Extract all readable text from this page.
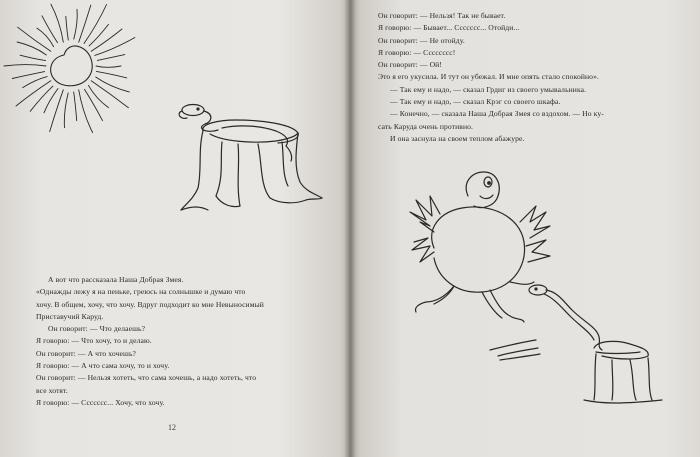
А вот что рассказала Наша Добрая Змея.

«Однажды лежу я на пеньке, греюсь на солнышке и думаю что

хочу. В общем, хочу, что хочу. Вдруг подходит ко мне Невыносимый

Приставучий Каруд.

Он говорит: — Что делаешь?

Я говорю: — Что хочу, то и делаю.

Он говорит: — А что хочешь?

Я говорю: — А что сама хочу, то и хочу.

Он говорит: — Нельзя хотеть, что сама хочешь, а надо хотеть, что

все хотят.

Я говорю: — Ссссссс... Хочу, что хочу.

12

Он говорит: — Нельзя! Так не бывает.

Я говорю: — Бывает... Ссссссс... Отойди...

Он говорит: — Не отойду.

Я говорю: — Сссссссс!

Он говорит: — Ой!

Это я его укусила. И тут он убежал. И мне опять стало спокойно».

— Так ему и надо, — сказал Грдиг из своего умывальника.

— Так ему и надо, — сказал Крэг со своего шкафа.

— Конечно, — сказала Наша Добрая Змея со вздохом. — Но ку-

сать Каруда очень противно.

И она заснула на своем теплом абажуре.
